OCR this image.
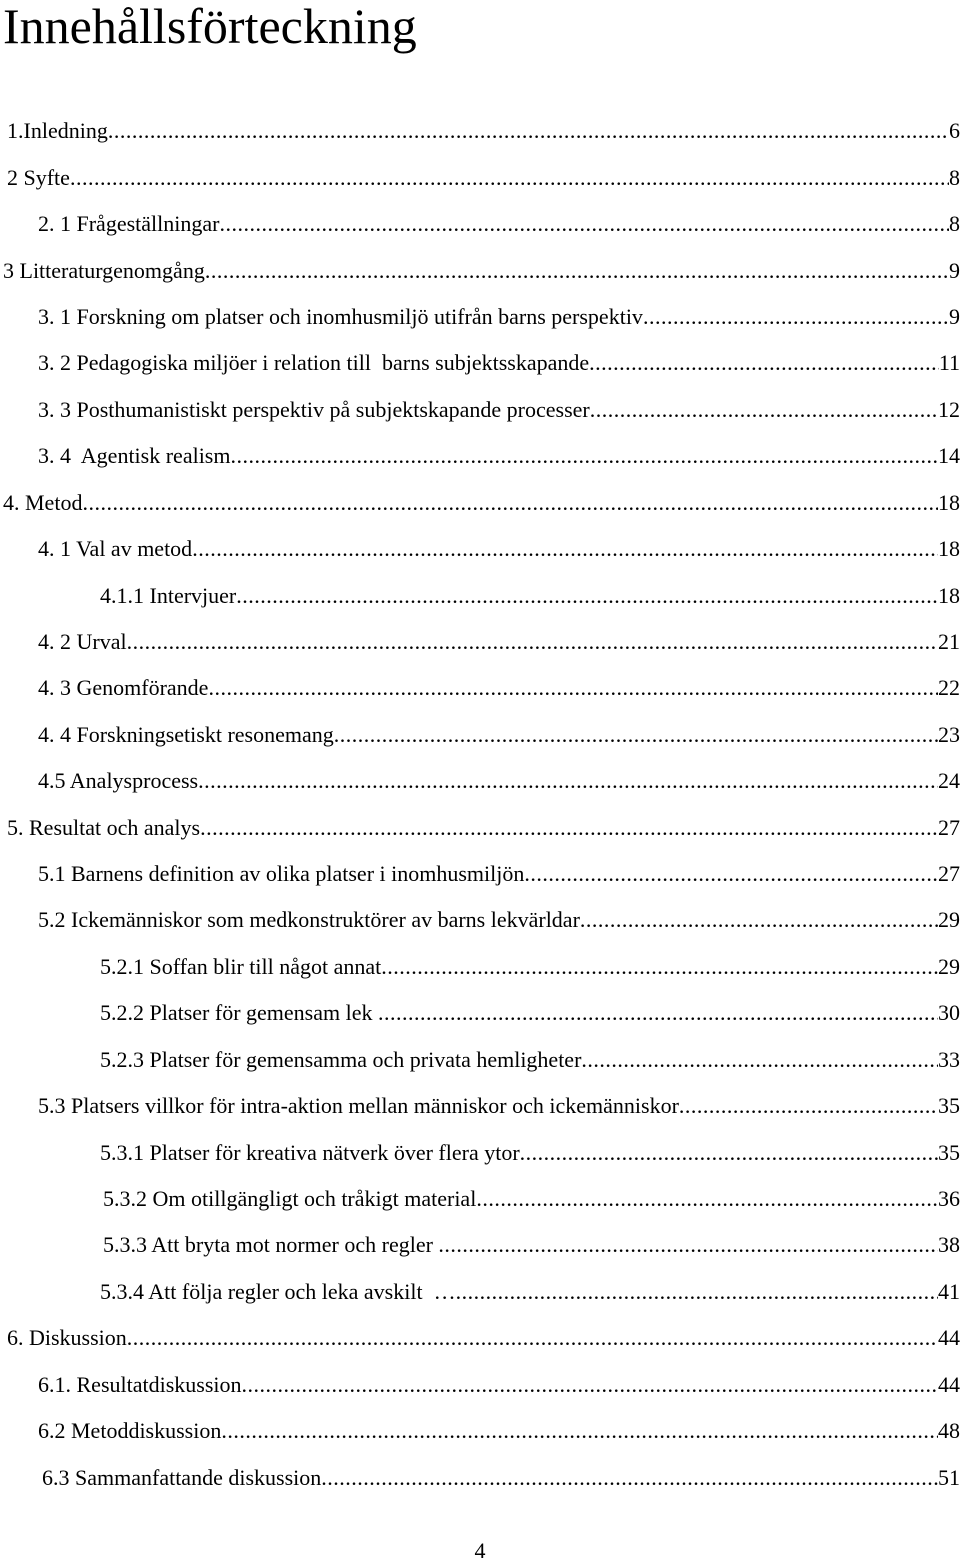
Innehållsförteckning
1.Inledning .....	6
2 Syfte .....	8
2. 1 Frågeställningar .....	8
3 Litteraturgenomgång .....	9
3. 1 Forskning om platser och inomhusmiljö utifrån barns perspektiv .....	9
3. 2 Pedagogiska miljöer i relation till  barns subjektsskapande .....	11
3. 3 Posthumanistiskt perspektiv på subjektskapande processer .....	12
3. 4  Agentisk realism .....	14
4. Metod .....	18
4. 1 Val av metod .....	18
4.1.1 Intervjuer .....	18
4. 2 Urval .....	21
4. 3 Genomförande .....	22
4. 4 Forskningsetiskt resonemang .....	23
4.5 Analysprocess .....	24
5. Resultat och analys .....	27
5.1 Barnens definition av olika platser i inomhusmiljön .....	27
5.2 Ickemänniskor som medkonstruktörer av barns lekvärldar .....	29
5.2.1 Soffan blir till något annat .....	29
5.2.2 Platser för gemensam lek .....	30
5.2.3 Platser för gemensamma och privata hemligheter .....	33
5.3 Platsers villkor för intra-aktion mellan människor och ickemänniskor .....	35
5.3.1 Platser för kreativa nätverk över flera ytor .....	35
5.3.2 Om otillgängligt och tråkigt material .....	36
5.3.3 Att bryta mot normer och regler .....	38
5.3.4 Att följa regler och leka avskilt  … .....	41
6. Diskussion .....	44
6.1. Resultatdiskussion .....	44
6.2 Metoddiskussion .....	48
6.3 Sammanfattande diskussion .....	51
4
